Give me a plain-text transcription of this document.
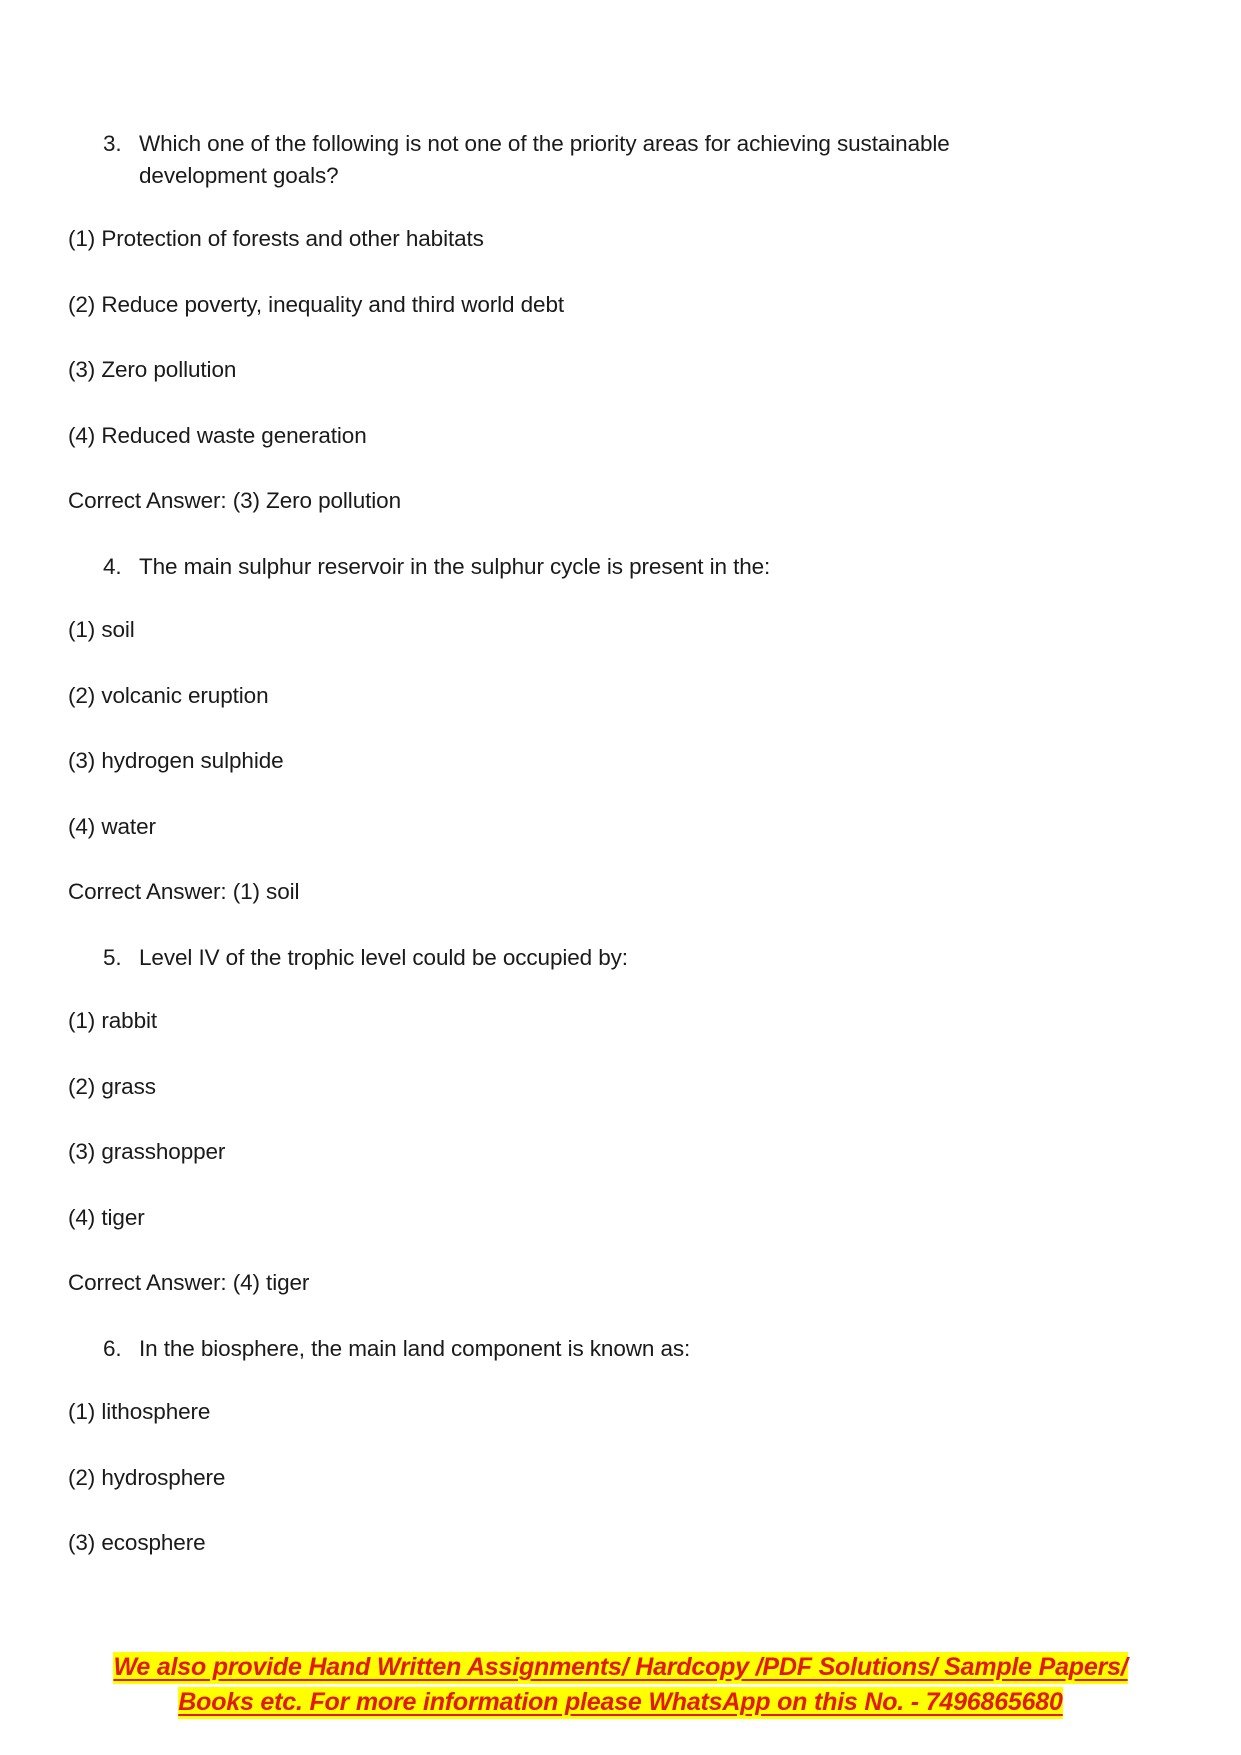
3. Which one of the following is not one of the priority areas for achieving sustainable development goals?

(1) Protection of forests and other habitats

(2) Reduce poverty, inequality and third world debt

(3) Zero pollution

(4) Reduced waste generation

Correct Answer: (3) Zero pollution

4. The main sulphur reservoir in the sulphur cycle is present in the:

(1) soil

(2) volcanic eruption

(3) hydrogen sulphide

(4) water

Correct Answer: (1) soil

5. Level IV of the trophic level could be occupied by:

(1) rabbit

(2) grass

(3) grasshopper

(4) tiger

Correct Answer: (4) tiger

6. In the biosphere, the main land component is known as:

(1) lithosphere

(2) hydrosphere

(3) ecosphere

We also provide Hand Written Assignments/ Hardcopy /PDF Solutions/ Sample Papers/
Books etc. For more information please WhatsApp on this No. - 7496865680
